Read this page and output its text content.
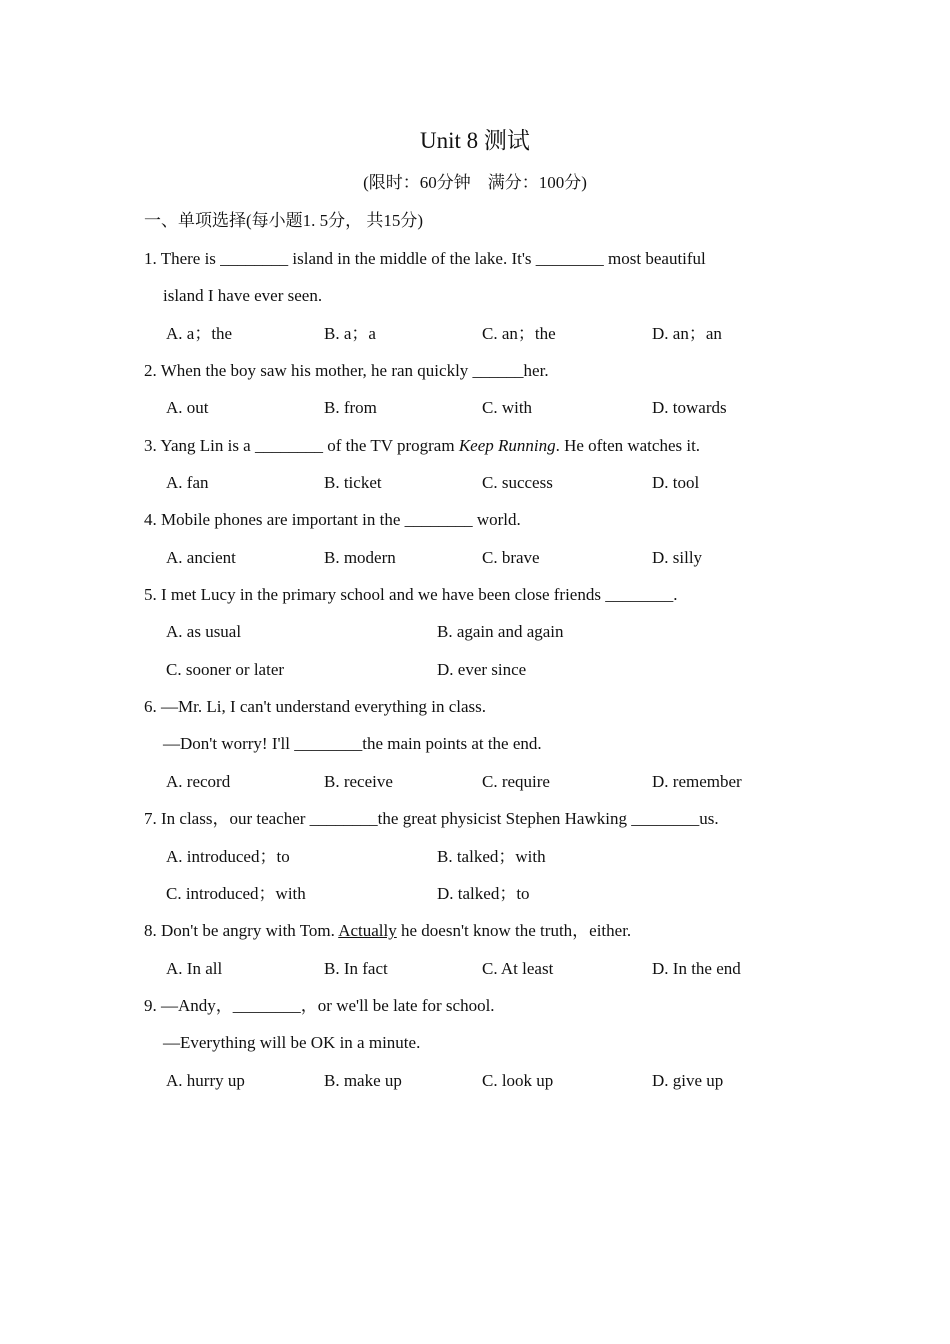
Unit 8 测试
(限时：60分钟　满分：100分)
一、单项选择(每小题1. 5分， 共15分)
1. There is ________ island in the middle of the lake. It's ________ most beautiful
island I have ever seen.
A. a；the	B. a；a	C. an；the	D. an；an
2. When the boy saw his mother, he ran quickly ______her.
A. out	B. from	C. with	D. towards
3. Yang Lin is a ________ of the TV program Keep Running. He often watches it.
A. fan	B. ticket	C. success	D. tool
4. Mobile phones are important in the ________ world.
A. ancient	B. modern	C. brave	D. silly
5. I met Lucy in the primary school and we have been close friends ________.
A. as usual	B. again and again
C. sooner or later	D. ever since
6. —Mr. Li, I can't understand everything in class.
—Don't worry! I'll ________the main points at the end.
A. record	B. receive	C. require	D. remember
7. In class，our teacher ________the great physicist Stephen Hawking ________us.
A. introduced；to	B. talked；with
C. introduced；with	D. talked；to
8. Don't be angry with Tom. Actually he doesn't know the truth，either.
A. In all	B. In fact	C. At least	D. In the end
9. —Andy，________，or we'll be late for school.
—Everything will be OK in a minute.
A. hurry up	B. make up	C. look up	D. give up
